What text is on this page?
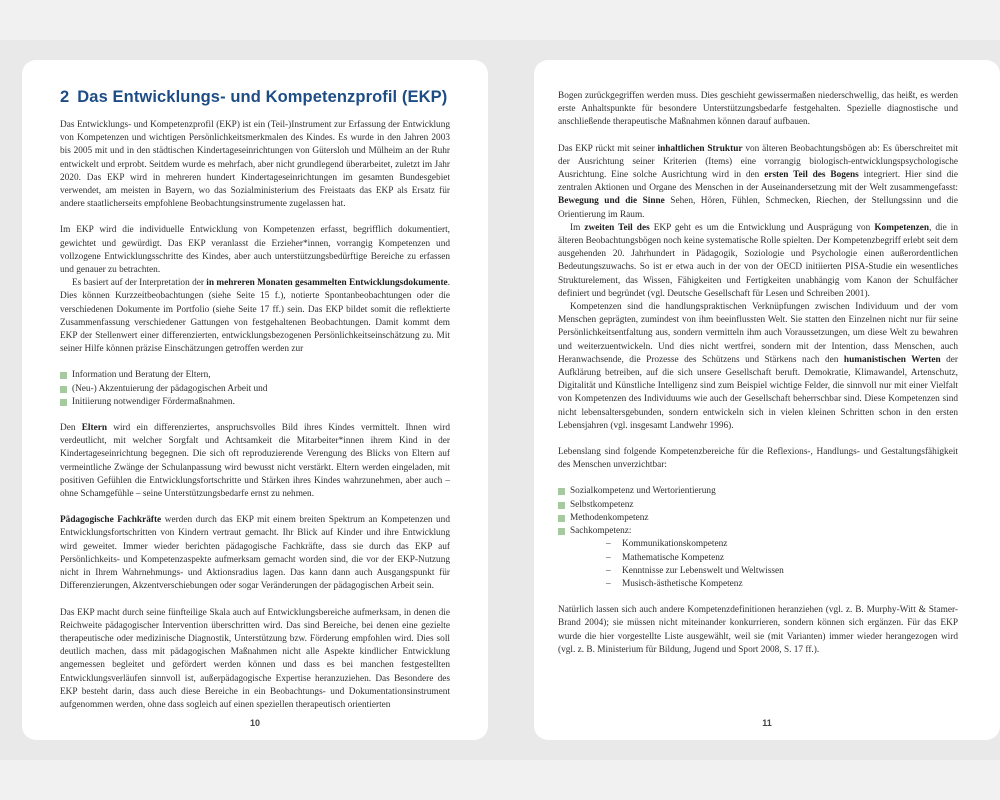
2 Das Entwicklungs- und Kompetenzprofil (EKP)

Das Entwicklungs- und Kompetenzprofil (EKP) ist ein (Teil-)Instrument zur Erfassung der Entwicklung von Kompetenzen und wichtigen Persönlichkeitsmerkmalen des Kindes. Es wurde in den Jahren 2003 bis 2005 mit und in den städtischen Kindertageseinrichtungen von Gütersloh und Mülheim an der Ruhr entwickelt und erprobt. Seitdem wurde es mehrfach, aber nicht grundlegend überarbeitet, zuletzt im Jahr 2020. Das EKP wird in mehreren hundert Kindertageseinrichtungen im gesamten Bundesgebiet verwendet, am meisten in Bayern, wo das Sozialministerium des Freistaats das EKP als Ersatz für andere staatlicherseits empfohlene Beobachtungsinstrumente zugelassen hat.

Im EKP wird die individuelle Entwicklung von Kompetenzen erfasst, begrifflich dokumentiert, gewichtet und gewürdigt. Das EKP veranlasst die Erzieher*innen, vorrangig Kompetenzen und vollzogene Entwicklungsschritte des Kindes, aber auch unterstützungsbedürftige Bereiche zu erfassen und genauer zu betrachten.

Es basiert auf der Interpretation der in mehreren Monaten gesammelten Entwicklungsdokumente. Dies können Kurzzeitbeobachtungen (siehe Seite 15 f.), notierte Spontanbeobachtungen oder die verschiedenen Dokumente im Portfolio (siehe Seite 17 ff.) sein. Das EKP bildet somit die reflektierte Zusammenfassung verschiedener Gattungen von festgehaltenen Beobachtungen. Damit kommt dem EKP der Stellenwert einer differenzierten, entwicklungsbezogenen Persönlichkeitseinschätzung zu. Mit seiner Hilfe können präzise Einschätzungen getroffen werden zur

Information und Beratung der Eltern,
(Neu-) Akzentuierung der pädagogischen Arbeit und
Initiierung notwendiger Fördermaßnahmen.

Den Eltern wird ein differenziertes, anspruchsvolles Bild ihres Kindes vermittelt. Ihnen wird verdeutlicht, mit welcher Sorgfalt und Achtsamkeit die Mitarbeiter*innen ihrem Kind in der Kindertageseinrichtung begegnen. Die sich oft reproduzierende Verengung des Blicks von Eltern auf vermeintliche Zwänge der Schulanpassung wird bewusst nicht verstärkt. Eltern werden eingeladen, mit positiven Gefühlen die Entwicklungsfortschritte und Stärken ihres Kindes wahrzunehmen, aber auch – ohne Schamgefühle – seine Unterstützungsbedarfe ernst zu nehmen.

Pädagogische Fachkräfte werden durch das EKP mit einem breiten Spektrum an Kompetenzen und Entwicklungsfortschritten von Kindern vertraut gemacht. Ihr Blick auf Kinder und ihre Entwicklung wird geweitet. Immer wieder berichten pädagogische Fachkräfte, dass sie durch das EKP auf Persönlichkeits- und Kompetenzaspekte aufmerksam gemacht worden sind, die vor der EKP-Nutzung nicht in Ihrem Wahrnehmungs- und Aktionsradius lagen. Das kann dann auch Ausgangspunkt für Differenzierungen, Akzentverschiebungen oder sogar Veränderungen der pädagogischen Arbeit sein.

Das EKP macht durch seine fünfteilige Skala auch auf Entwicklungsbereiche aufmerksam, in denen die Reichweite pädagogischer Intervention überschritten wird. Das sind Bereiche, bei denen eine gezielte therapeutische oder medizinische Diagnostik, Unterstützung bzw. Förderung empfohlen wird. Dies soll deutlich machen, dass mit pädagogischen Maßnahmen nicht alle Aspekte kindlicher Entwicklung angemessen begleitet und gefördert werden können und dass es bei manchen festgestellten Entwicklungsverläufen sinnvoll ist, außerpädagogische Expertise heranzuziehen. Das Besondere des EKP besteht darin, dass auch diese Bereiche in ein Beobachtungs- und Dokumentationsinstrument aufgenommen werden, ohne dass sogleich auf einen speziellen therapeutisch orientierten

10

Bogen zurückgegriffen werden muss. Dies geschieht gewissermaßen niederschwellig, das heißt, es werden erste Anhaltspunkte für besondere Unterstützungsbedarfe festgehalten. Spezielle diagnostische und anschließende therapeutische Maßnahmen können darauf aufbauen.

Das EKP rückt mit seiner inhaltlichen Struktur von älteren Beobachtungsbögen ab: Es überschreitet mit der Ausrichtung seiner Kriterien (Items) eine vorrangig biologisch-entwicklungspsychologische Ausrichtung. Eine solche Ausrichtung wird in den ersten Teil des Bogens integriert. Hier sind die zentralen Aktionen und Organe des Menschen in der Auseinandersetzung mit der Welt zusammengefasst: Bewegung und die Sinne Sehen, Hören, Fühlen, Schmecken, Riechen, der Stellungssinn und die Orientierung im Raum.

Im zweiten Teil des EKP geht es um die Entwicklung und Ausprägung von Kompetenzen, die in älteren Beobachtungsbögen noch keine systematische Rolle spielten. Der Kompetenzbegriff erlebt seit dem ausgehenden 20. Jahrhundert in Pädagogik, Soziologie und Psychologie einen außerordentlichen Bedeutungszuwachs. So ist er etwa auch in der von der OECD initiierten PISA-Studie ein wesentliches Strukturelement, das Wissen, Fähigkeiten und Fertigkeiten unabhängig vom Kanon der Schulfächer definiert und begründet (vgl. Deutsche Gesellschaft für Lesen und Schreiben 2001).

Kompetenzen sind die handlungspraktischen Verknüpfungen zwischen Individuum und der vom Menschen geprägten, zumindest von ihm beeinflussten Welt. Sie statten den Einzelnen nicht nur für seine Persönlichkeitsentfaltung aus, sondern vermitteln ihm auch Voraussetzungen, um diese Welt zu bewahren und weiterzuentwickeln. Und dies nicht wertfrei, sondern mit der Intention, dass Menschen, auch Heranwachsende, die Prozesse des Schützens und Stärkens nach den humanistischen Werten der Aufklärung betreiben, auf die sich unsere Gesellschaft beruft. Demokratie, Klimawandel, Artenschutz, Digitalität und Künstliche Intelligenz sind zum Beispiel wichtige Felder, die sinnvoll nur mit einer Vielfalt von Kompetenzen des Individuums wie auch der Gesellschaft beherrschbar sind. Diese Kompetenzen sind nicht lebensaltersgebunden, sondern entwickeln sich in vielen kleinen Schritten schon in den ersten Lebensjahren (vgl. insgesamt Landwehr 1996).

Lebenslang sind folgende Kompetenzbereiche für die Reflexions-, Handlungs- und Gestaltungsfähigkeit des Menschen unverzichtbar:

Sozialkompetenz und Wertorientierung
Selbstkompetenz
Methodenkompetenz
Sachkompetenz:
– Kommunikationskompetenz
– Mathematische Kompetenz
– Kenntnisse zur Lebenswelt und Weltwissen
– Musisch-ästhetische Kompetenz

Natürlich lassen sich auch andere Kompetenzdefinitionen heranziehen (vgl. z. B. Murphy-Witt & Stamer-Brand 2004); sie müssen nicht miteinander konkurrieren, sondern können sich ergänzen. Für das EKP wurde die hier vorgestellte Liste ausgewählt, weil sie (mit Varianten) immer wieder herangezogen wird (vgl. z. B. Ministerium für Bildung, Jugend und Sport 2008, S. 17 ff.).

11
